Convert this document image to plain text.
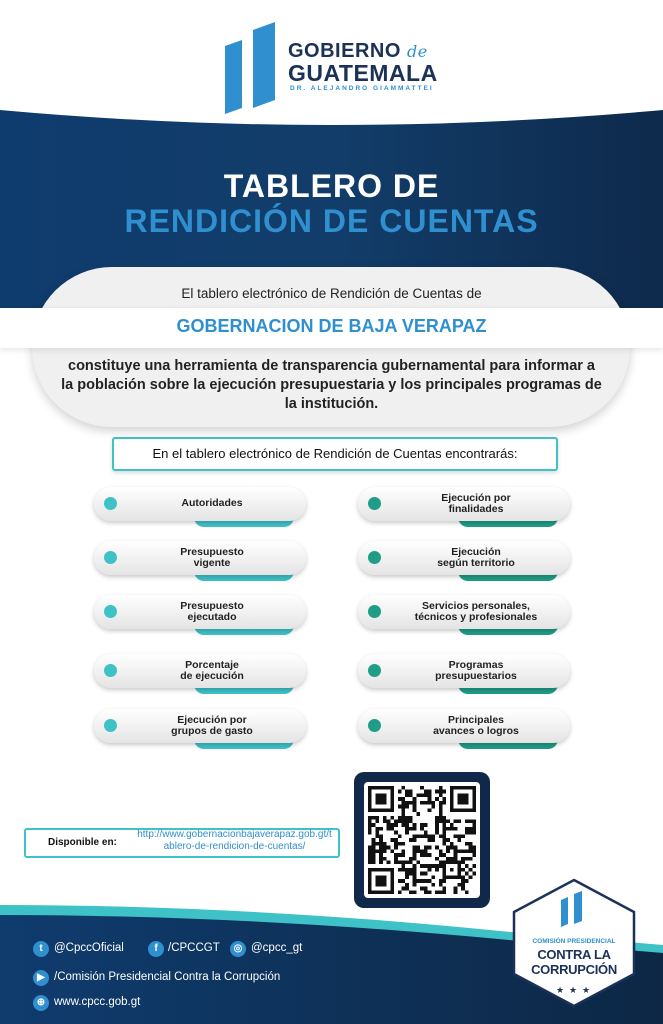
GOBIERNO de
GUATEMALA
DR. ALEJANDRO GIAMMATTEI
TABLERO DE
RENDICIÓN DE CUENTAS
El tablero electrónico de Rendición de Cuentas de
GOBERNACION DE BAJA VERAPAZ
constituye una herramienta de transparencia gubernamental para informar a la población sobre la ejecución presupuestaria y los principales programas de la institución.
En el tablero electrónico de Rendición de Cuentas encontrarás:
Autoridades
Presupuesto
vigente
Presupuesto
ejecutado
Porcentaje
de ejecución
Ejecución por
grupos de gasto
Ejecución por
finalidades
Ejecución
según territorio
Servicios personales,
técnicos y profesionales
Programas
presupuestarios
Principales
avances o logros
Disponible en:
http://www.gobernacionbajaverapaz.gob.gt/tablero-de-rendicion-de-cuentas/
t @CpccOficial	f /CPCCGT	◎ @cpcc_gt
▶ /Comisión Presidencial Contra la Corrupción
⊕ www.cpcc.gob.gt
★ ★ ★
COMISIÓN PRESIDENCIAL
CONTRA LA CORRUPCIÓN
